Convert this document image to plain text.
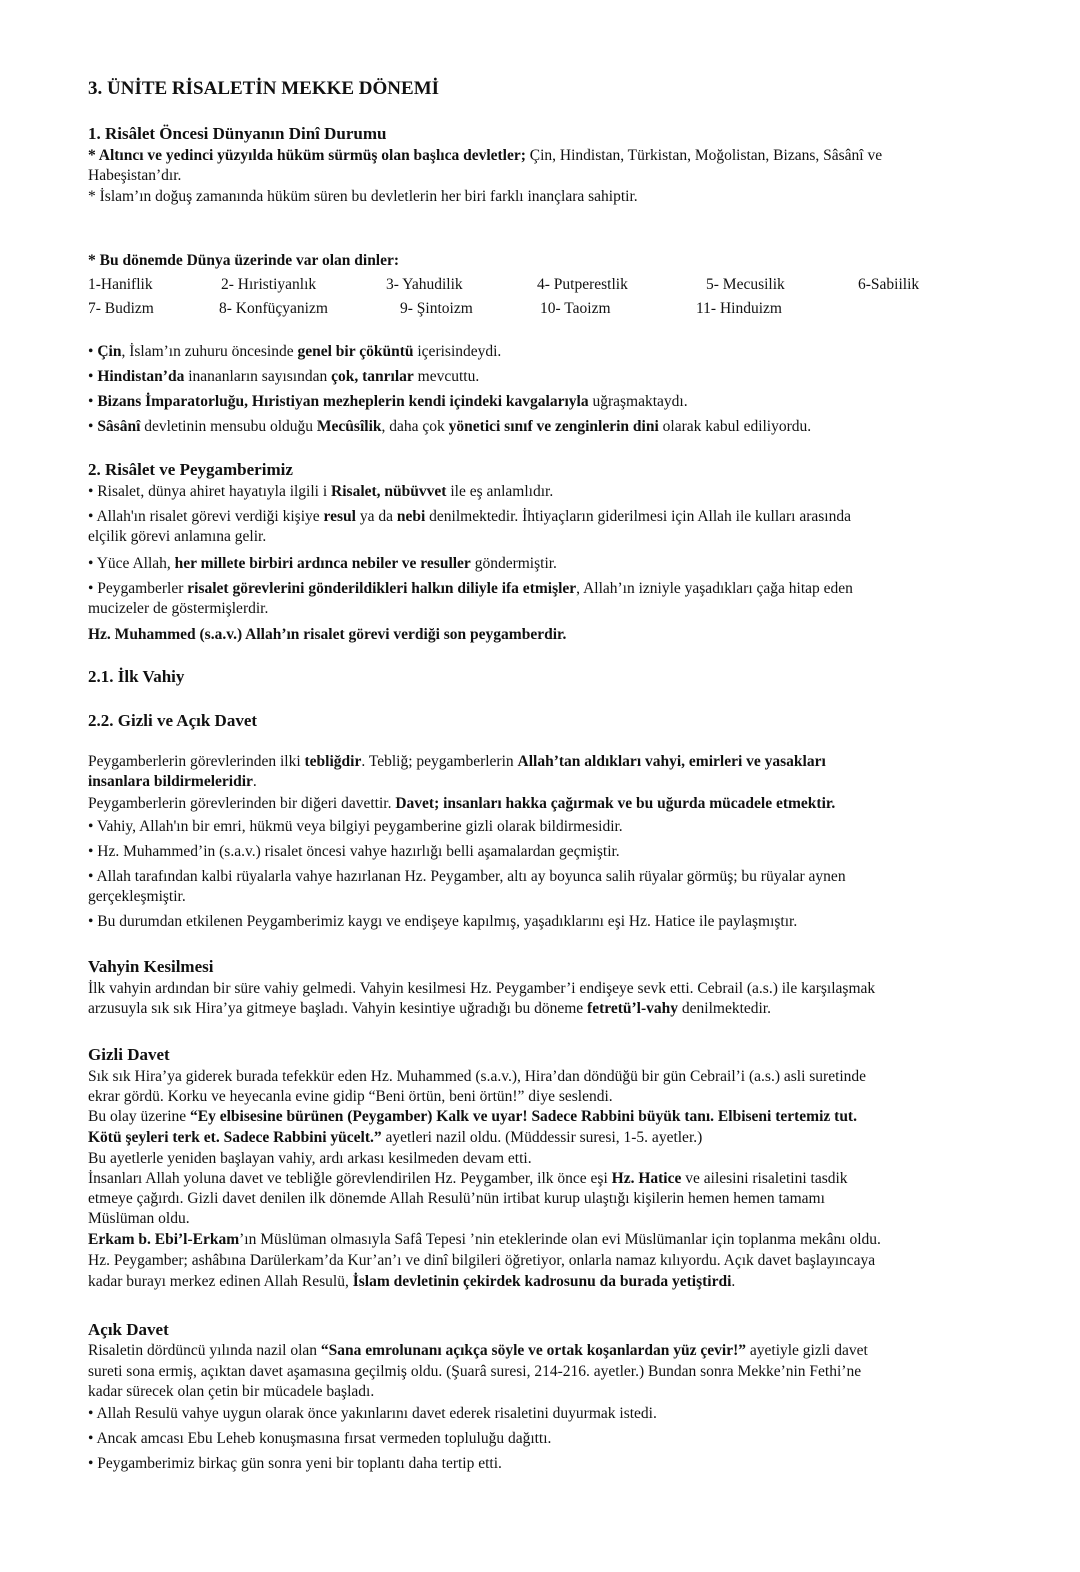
3. ÜNİTE RİSALETİN MEKKE DÖNEMİ
1. Risâlet Öncesi Dünyanın Dinî Durumu
* Altıncı ve yedinci yüzyılda hüküm sürmüş olan başlıca devletler; Çin, Hindistan, Türkistan, Moğolistan, Bizans, Sâsânî ve
Habeşistan’dır.
* İslam’ın doğuş zamanında hüküm süren bu devletlerin her biri farklı inançlara sahiptir.
* Bu dönemde Dünya üzerinde var olan dinler:
1-Haniflik	2- Hıristiyanlık	3- Yahudilik	4- Putperestlik	5- Mecusilik	6-Sabiilik
7- Budizm	8- Konfüçyanizm	9- Şintoizm	10- Taoizm	11- Hinduizm
• Çin, İslam’ın zuhuru öncesinde genel bir çöküntü içerisindeydi.
• Hindistan’da inananların sayısından çok, tanrılar mevcuttu.
• Bizans İmparatorluğu, Hıristiyan mezheplerin kendi içindeki kavgalarıyla uğraşmaktaydı.
• Sâsânî devletinin mensubu olduğu Mecûsîlik, daha çok yönetici sınıf ve zenginlerin dini olarak kabul ediliyordu.
2. Risâlet ve Peygamberimiz
• Risalet, dünya ahiret hayatıyla ilgili i Risalet, nübüvvet ile eş anlamlıdır.
• Allah'ın risalet görevi verdiği kişiye resul ya da nebi denilmektedir. İhtiyaçların giderilmesi için Allah ile kulları arasında
elçilik görevi anlamına gelir.
• Yüce Allah, her millete birbiri ardınca nebiler ve resuller göndermiştir.
• Peygamberler risalet görevlerini gönderildikleri halkın diliyle ifa etmişler, Allah’ın izniyle yaşadıkları çağa hitap eden
mucizeler de göstermişlerdir.
Hz. Muhammed (s.a.v.) Allah’ın risalet görevi verdiği son peygamberdir.
2.1. İlk Vahiy
2.2. Gizli ve Açık Davet
Peygamberlerin görevlerinden ilki tebliğdir. Tebliğ; peygamberlerin Allah’tan aldıkları vahyi, emirleri ve yasakları
insanlara bildirmeleridir.
Peygamberlerin görevlerinden bir diğeri davettir. Davet; insanları hakka çağırmak ve bu uğurda mücadele etmektir.
• Vahiy, Allah'ın bir emri, hükmü veya bilgiyi peygamberine gizli olarak bildirmesidir.
• Hz. Muhammed’in (s.a.v.) risalet öncesi vahye hazırlığı belli aşamalardan geçmiştir.
• Allah tarafından kalbi rüyalarla vahye hazırlanan Hz. Peygamber, altı ay boyunca salih rüyalar görmüş; bu rüyalar aynen
gerçekleşmiştir.
• Bu durumdan etkilenen Peygamberimiz kaygı ve endişeye kapılmış, yaşadıklarını eşi Hz. Hatice ile paylaşmıştır.
Vahyin Kesilmesi
İlk vahyin ardından bir süre vahiy gelmedi. Vahyin kesilmesi Hz. Peygamber’i endişeye sevk etti. Cebrail (a.s.) ile karşılaşmak
arzusuyla sık sık Hira’ya gitmeye başladı. Vahyin kesintiye uğradığı bu döneme fetretü’l-vahy denilmektedir.
Gizli Davet
Sık sık Hira’ya giderek burada tefekkür eden Hz. Muhammed (s.a.v.), Hira’dan döndüğü bir gün Cebrail’i (a.s.) asli suretinde
ekrar gördü. Korku ve heyecanla evine gidip “Beni örtün, beni örtün!” diye seslendi.
Bu olay üzerine “Ey elbisesine bürünen (Peygamber) Kalk ve uyar! Sadece Rabbini büyük tanı. Elbiseni tertemiz tut.
Kötü şeyleri terk et. Sadece Rabbini yücelt.” ayetleri nazil oldu. (Müddessir suresi, 1-5. ayetler.)
Bu ayetlerle yeniden başlayan vahiy, ardı arkası kesilmeden devam etti.
İnsanları Allah yoluna davet ve tebliğle görevlendirilen Hz. Peygamber, ilk önce eşi Hz. Hatice ve ailesini risaletini tasdik
etmeye çağırdı. Gizli davet denilen ilk dönemde Allah Resulü’nün irtibat kurup ulaştığı kişilerin hemen hemen tamamı
Müslüman oldu.
Erkam b. Ebi’l-Erkam’ın Müslüman olmasıyla Safâ Tepesi ’nin eteklerinde olan evi Müslümanlar için toplanma mekânı oldu.
Hz. Peygamber; ashâbına Darülerkam’da Kur’an’ı ve dinî bilgileri öğretiyor, onlarla namaz kılıyordu. Açık davet başlayıncaya
kadar burayı merkez edinen Allah Resulü, İslam devletinin çekirdek kadrosunu da burada yetiştirdi.
Açık Davet
Risaletin dördüncü yılında nazil olan “Sana emrolunanı açıkça söyle ve ortak koşanlardan yüz çevir!” ayetiyle gizli davet
sureti sona ermiş, açıktan davet aşamasına geçilmiş oldu. (Şuarâ suresi, 214-216. ayetler.) Bundan sonra Mekke’nin Fethi’ne
kadar sürecek olan çetin bir mücadele başladı.
• Allah Resulü vahye uygun olarak önce yakınlarını davet ederek risaletini duyurmak istedi.
• Ancak amcası Ebu Leheb konuşmasına fırsat vermeden topluluğu dağıttı.
• Peygamberimiz birkaç gün sonra yeni bir toplantı daha tertip etti.
